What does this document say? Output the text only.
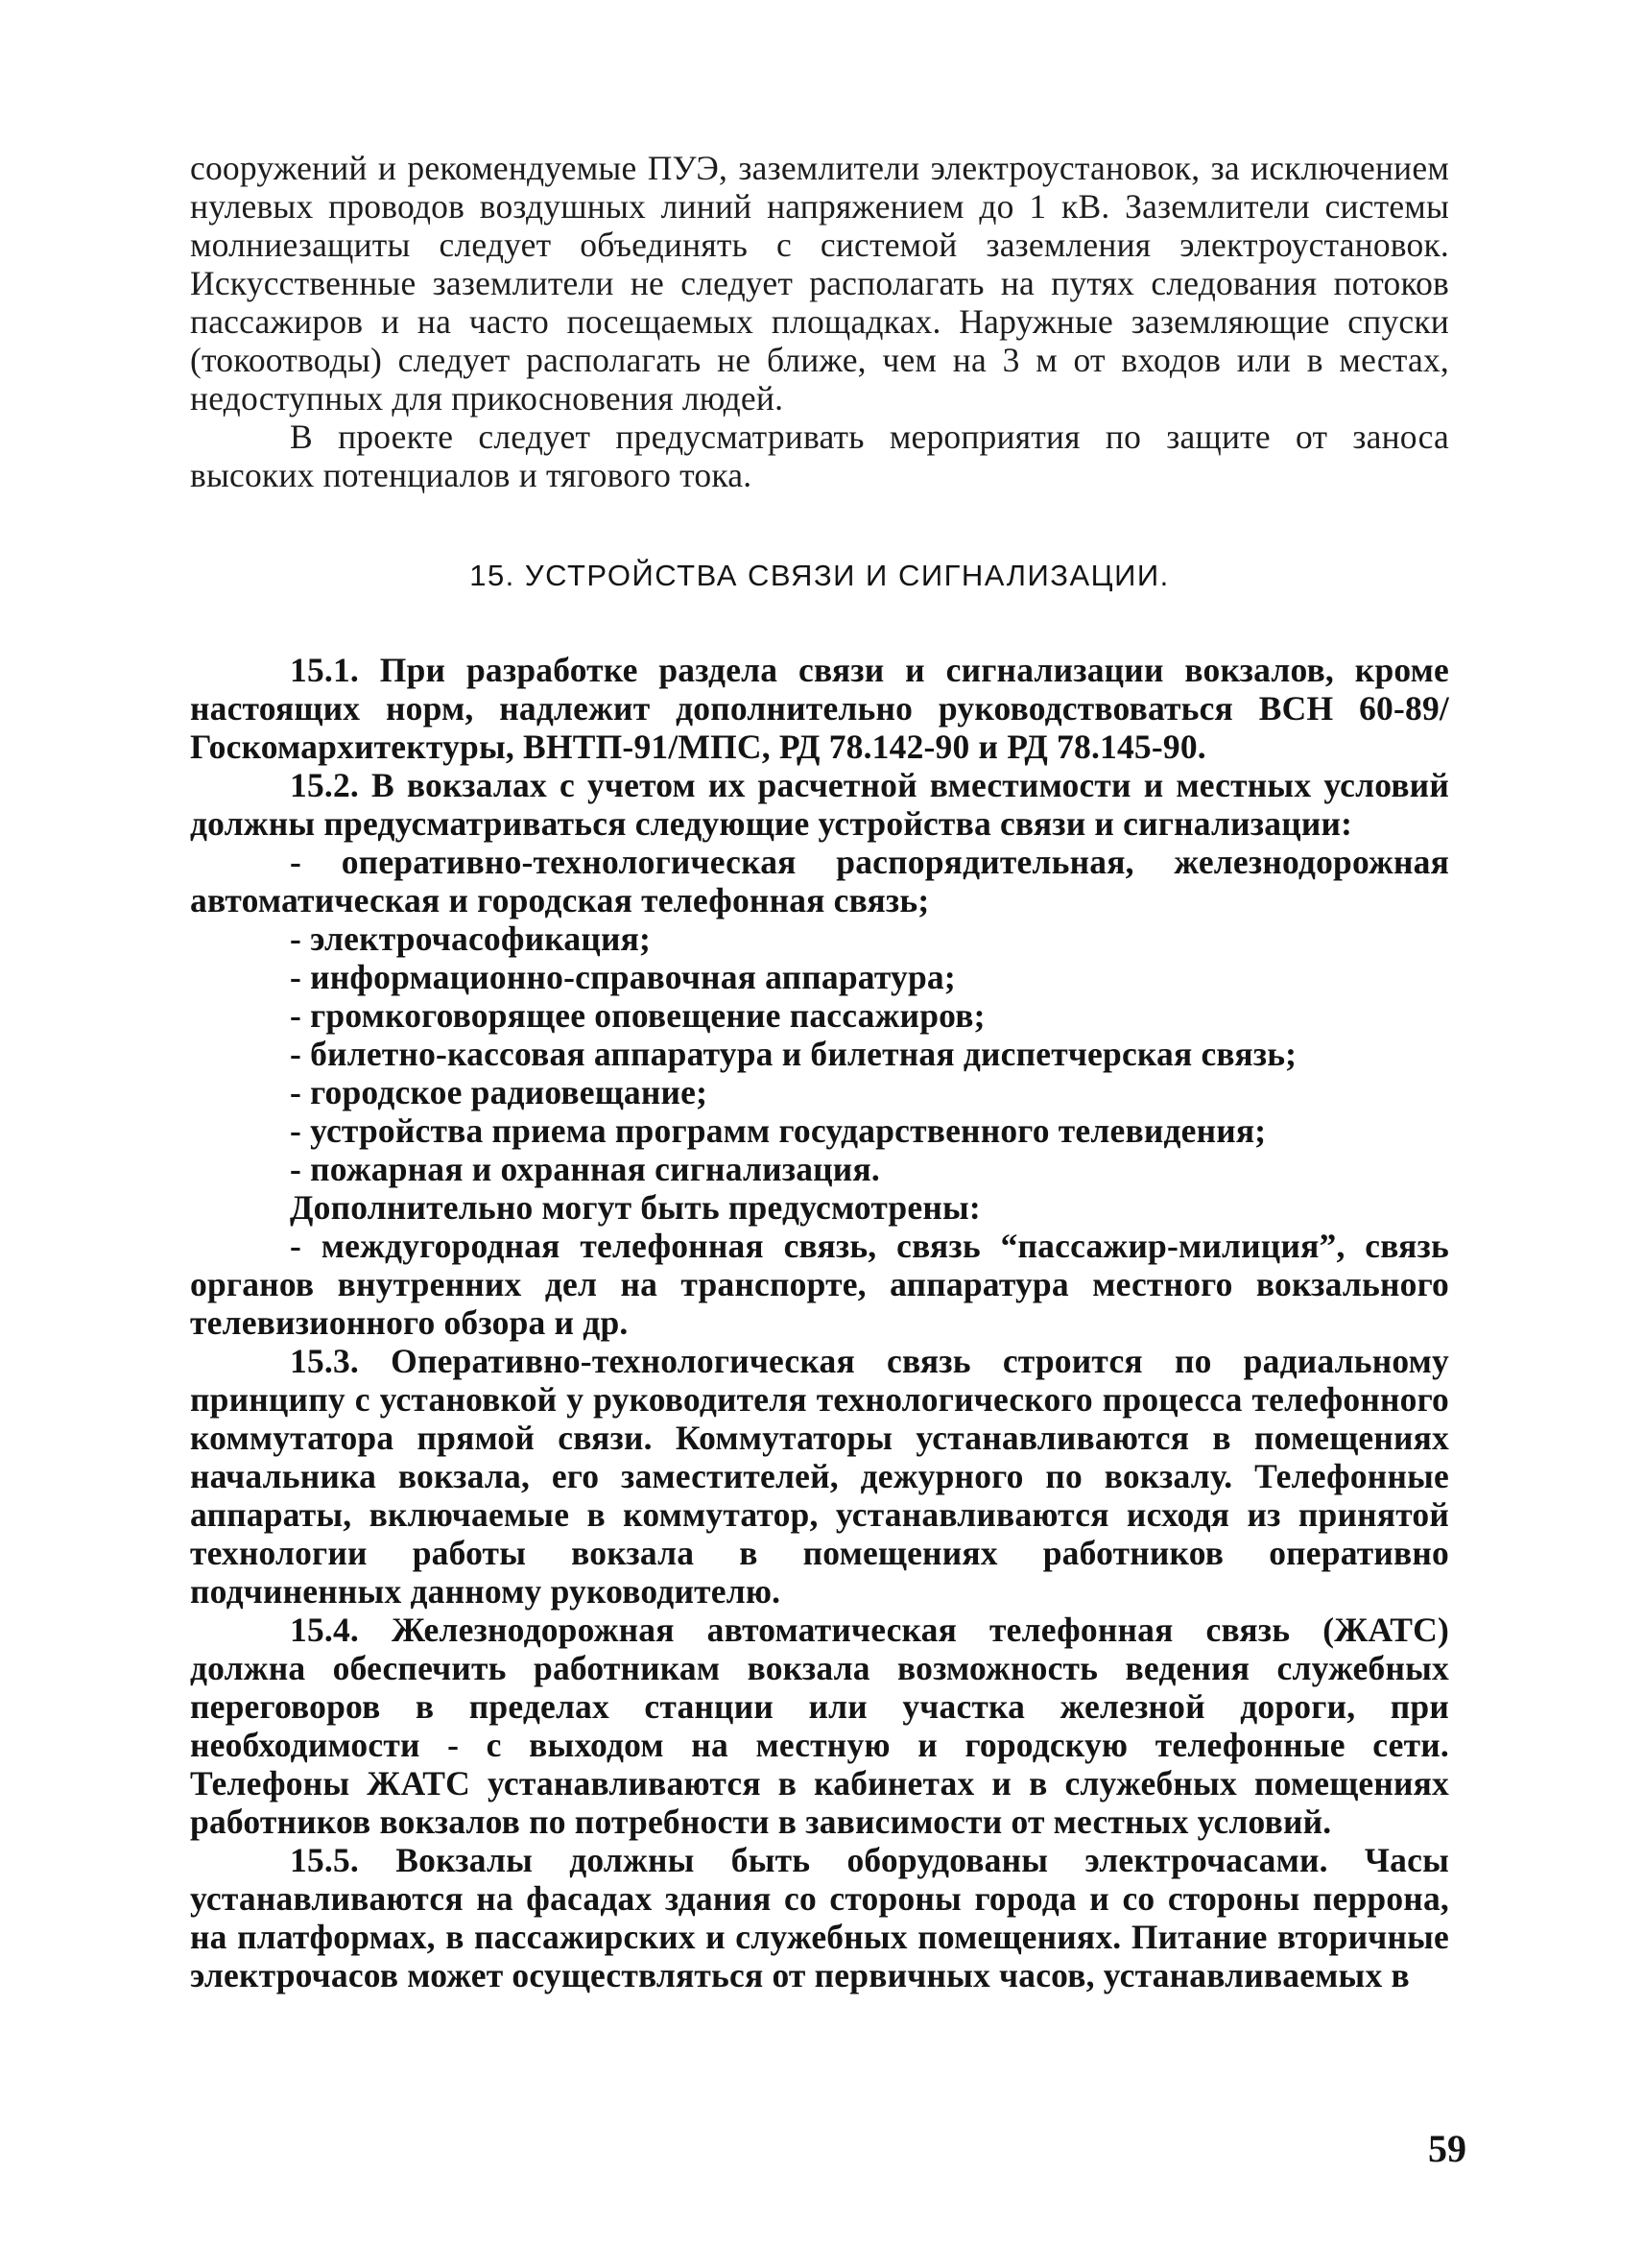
сооружений и рекомендуемые ПУЭ, заземлители электроустановок, за исключением нулевых проводов воздушных линий напряжением до 1 кВ. Заземлители системы молниезащиты следует объединять с системой заземления электроустановок. Искусственные заземлители не следует располагать на путях следования потоков пассажиров и на часто посещаемых площадках. Наружные заземляющие спуски (токоотводы) следует располагать не ближе, чем на 3 м от входов или в местах, недоступных для прикосновения людей.

В проекте следует предусматривать мероприятия по защите от заноса высоких потенциалов и тягового тока.

15. УСТРОЙСТВА СВЯЗИ И СИГНАЛИЗАЦИИ.

15.1. При разработке раздела связи и сигнализации вокзалов, кроме настоящих норм, надлежит дополнительно руководствоваться ВСН 60-89/Госкомархитектуры, ВНТП-91/МПС, РД 78.142-90 и РД 78.145-90.

15.2. В вокзалах с учетом их расчетной вместимости и местных условий должны предусматриваться следующие устройства связи и сигнализации:

- оперативно-технологическая распорядительная, железнодорожная автоматическая и городская телефонная связь;

- электрочасофикация;

- информационно-справочная аппаратура;

- громкоговорящее оповещение пассажиров;

- билетно-кассовая аппаратура и билетная диспетчерская связь;

- городское радиовещание;

- устройства приема программ государственного телевидения;

- пожарная и охранная сигнализация.

Дополнительно могут быть предусмотрены:

- междугородная телефонная связь, связь “пассажир-милиция”, связь органов внутренних дел на транспорте, аппаратура местного вокзального телевизионного обзора и др.

15.3. Оперативно-технологическая связь строится по радиальному принципу с установкой у руководителя технологического процесса телефонного коммутатора прямой связи. Коммутаторы устанавливаются в помещениях начальника вокзала, его заместителей, дежурного по вокзалу. Телефонные аппараты, включаемые в коммутатор, устанавливаются исходя из принятой технологии работы вокзала в помещениях работников оперативно подчиненных данному руководителю.

15.4. Железнодорожная автоматическая телефонная связь (ЖАТС) должна обеспечить работникам вокзала возможность ведения служебных переговоров в пределах станции или участка железной дороги, при необходимости - с выходом на местную и городскую телефонные сети. Телефоны ЖАТС устанавливаются в кабинетах и в служебных помещениях работников вокзалов по потребности в зависимости от местных условий.

15.5. Вокзалы должны быть оборудованы электрочасами. Часы устанавливаются на фасадах здания со стороны города и со стороны перрона, на платформах, в пассажирских и служебных помещениях. Питание вторичные электрочасов может осуществляться от первичных часов, устанавливаемых в

59
